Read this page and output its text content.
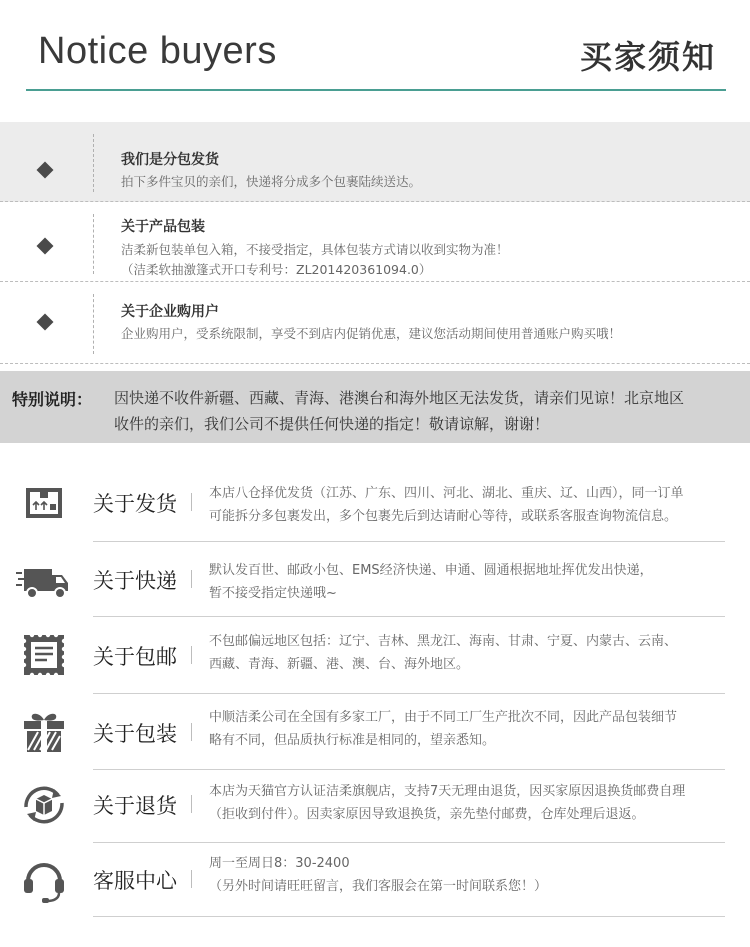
Notice buyers	买家须知
我们是分包发货
拍下多件宝贝的亲们，快递将分成多个包裹陆续送达。
关于产品包装
洁柔新包装单包入箱，不接受指定，具体包装方式请以收到实物为准！
（洁柔软抽激篷式开口专利号：ZL201420361094.0）
关于企业购用户
企业购用户，受系统限制，享受不到店内促销优惠，建议您活动期间使用普通账户购买哦！
特别说明： 因快递不收件新疆、西藏、青海、港澳台和海外地区无法发货，请亲们见谅！北京地区
收件的亲们，我们公司不提供任何快递的指定！敬请谅解，谢谢！
关于发货 本店八仓择优发货（江苏、广东、四川、河北、湖北、重庆、辽、山西），同一订单
可能拆分多包裹发出，多个包裹先后到达请耐心等待，或联系客服查询物流信息。
关于快递 默认发百世、邮政小包、EMS经济快递、申通、圆通根据地址挥优发出快递，
暂不接受指定快递哦~
关于包邮
不包邮偏远地区包括：辽宁、吉林、黑龙江、海南、甘肃、宁夏、内蒙古、云南、
西藏、青海、新疆、港、澳、台、海外地区。
关于包装
中顺洁柔公司在全国有多家工厂，由于不同工厂生产批次不同，因此产品包装细节
略有不同，但品质执行标准是相同的，望亲悉知。
关于退货
本店为天猫官方认证洁柔旗舰店，支持7天无理由退货，因买家原因退换货邮费自理
（拒收到付件）。因卖家原因导致退换货，亲先垫付邮费，仓库处理后退返。
客服中心
周一至周日8：30-2400
（另外时间请旺旺留言，我们客服会在第一时间联系您！）
